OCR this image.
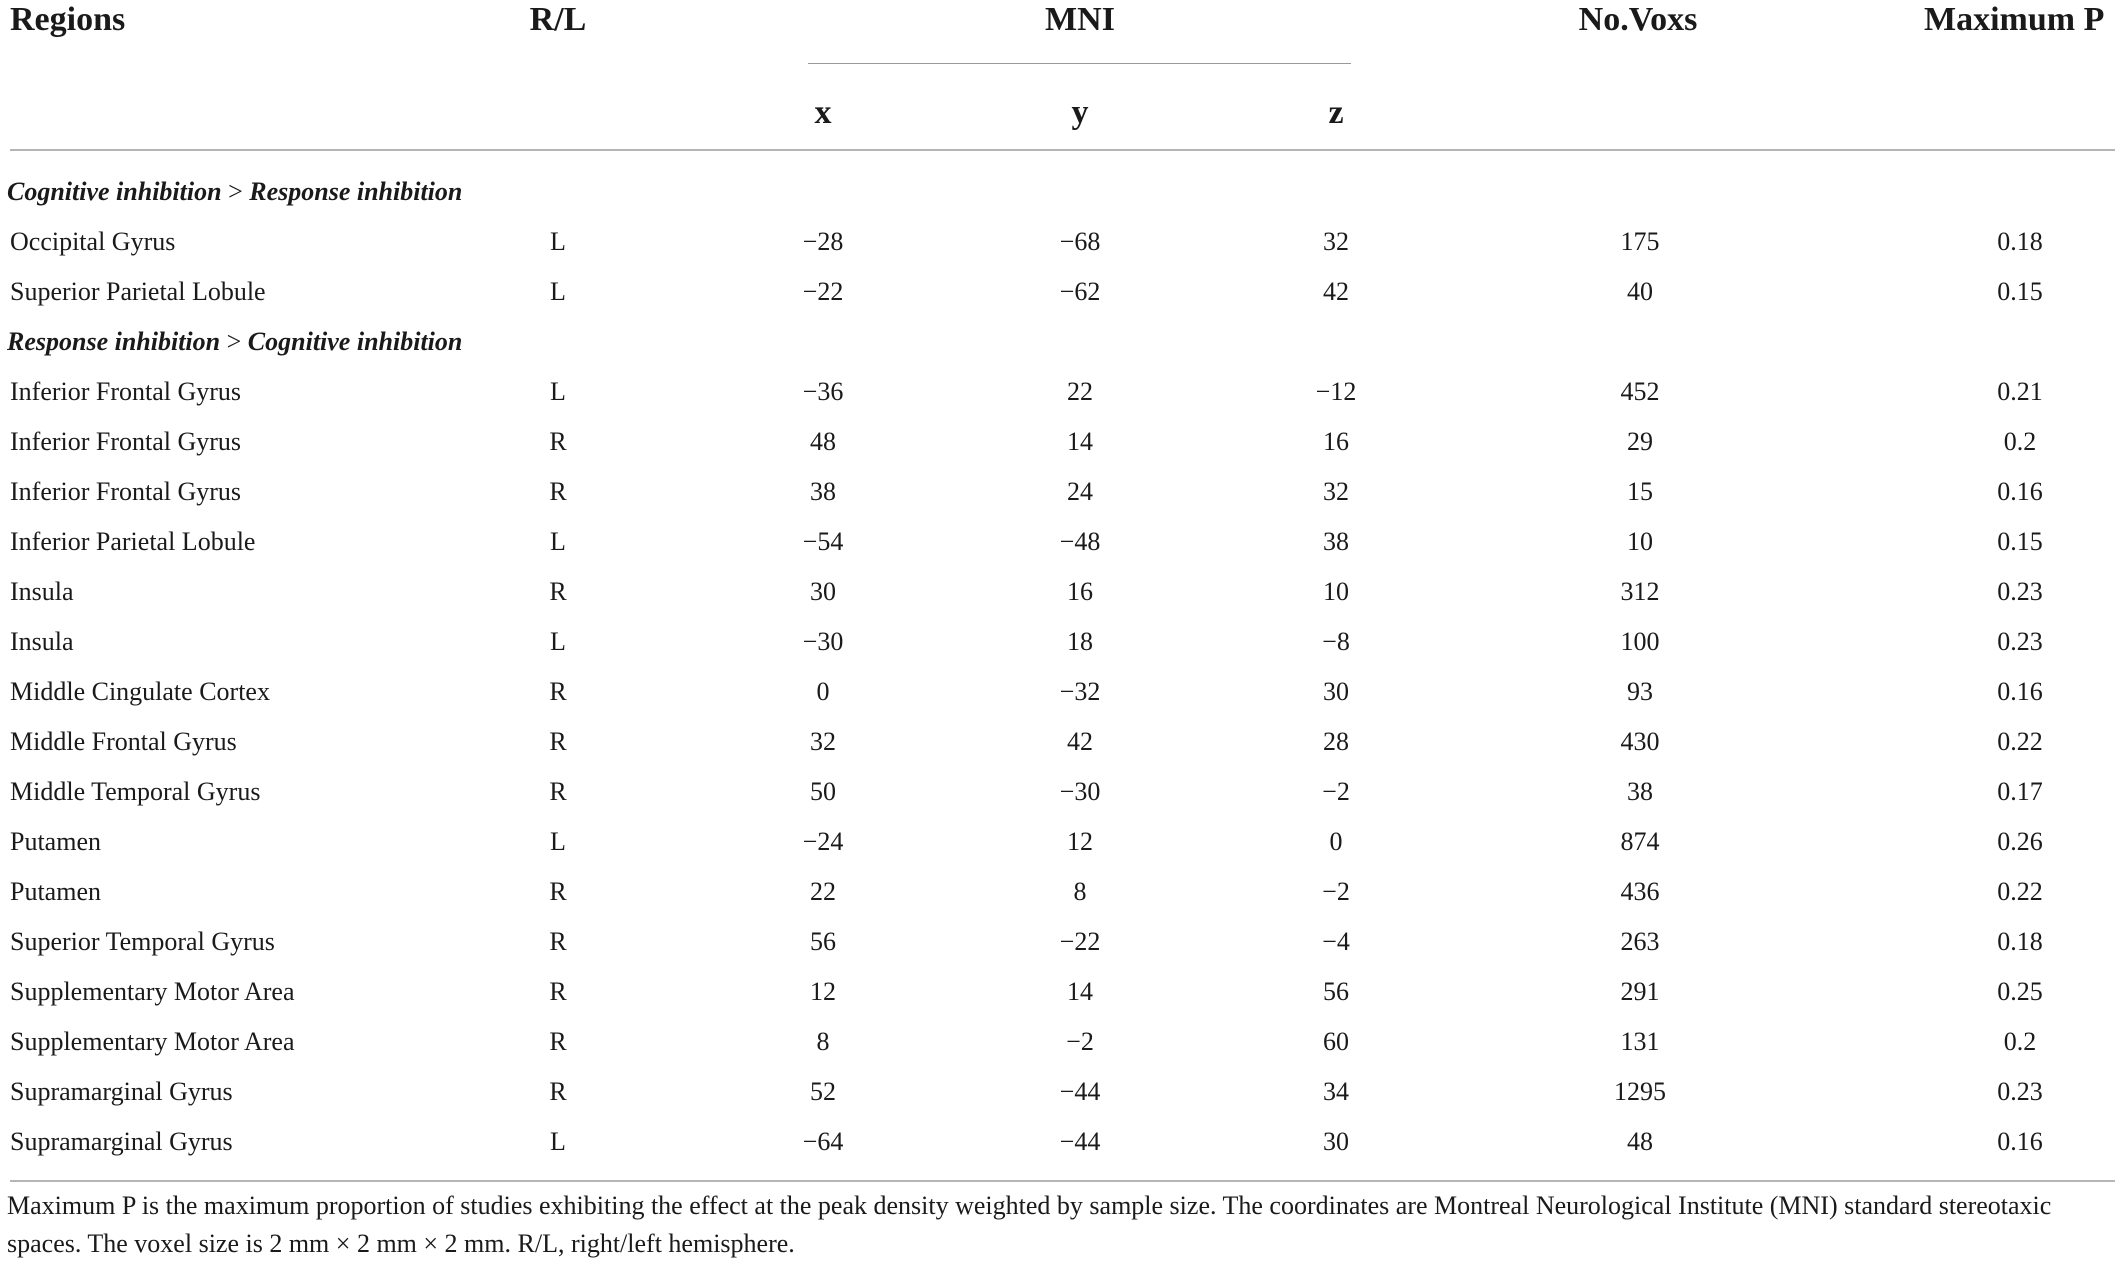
Regions	R/L	MNI	No.Voxs	Maximum P
x	y	z
Cognitive inhibition > Response inhibition
Occipital Gyrus	L	−28	−68	32	175	0.18
Superior Parietal Lobule	L	−22	−62	42	40	0.15
Response inhibition > Cognitive inhibition
Inferior Frontal Gyrus	L	−36	22	−12	452	0.21
Inferior Frontal Gyrus	R	48	14	16	29	0.2
Inferior Frontal Gyrus	R	38	24	32	15	0.16
Inferior Parietal Lobule	L	−54	−48	38	10	0.15
Insula	R	30	16	10	312	0.23
Insula	L	−30	18	−8	100	0.23
Middle Cingulate Cortex	R	0	−32	30	93	0.16
Middle Frontal Gyrus	R	32	42	28	430	0.22
Middle Temporal Gyrus	R	50	−30	−2	38	0.17
Putamen	L	−24	12	0	874	0.26
Putamen	R	22	8	−2	436	0.22
Superior Temporal Gyrus	R	56	−22	−4	263	0.18
Supplementary Motor Area	R	12	14	56	291	0.25
Supplementary Motor Area	R	8	−2	60	131	0.2
Supramarginal Gyrus	R	52	−44	34	1295	0.23
Supramarginal Gyrus	L	−64	−44	30	48	0.16
Maximum P is the maximum proportion of studies exhibiting the effect at the peak density weighted by sample size. The coordinates are Montreal Neurological Institute (MNI) standard stereotaxic spaces. The voxel size is 2 mm × 2 mm × 2 mm. R/L, right/left hemisphere.
